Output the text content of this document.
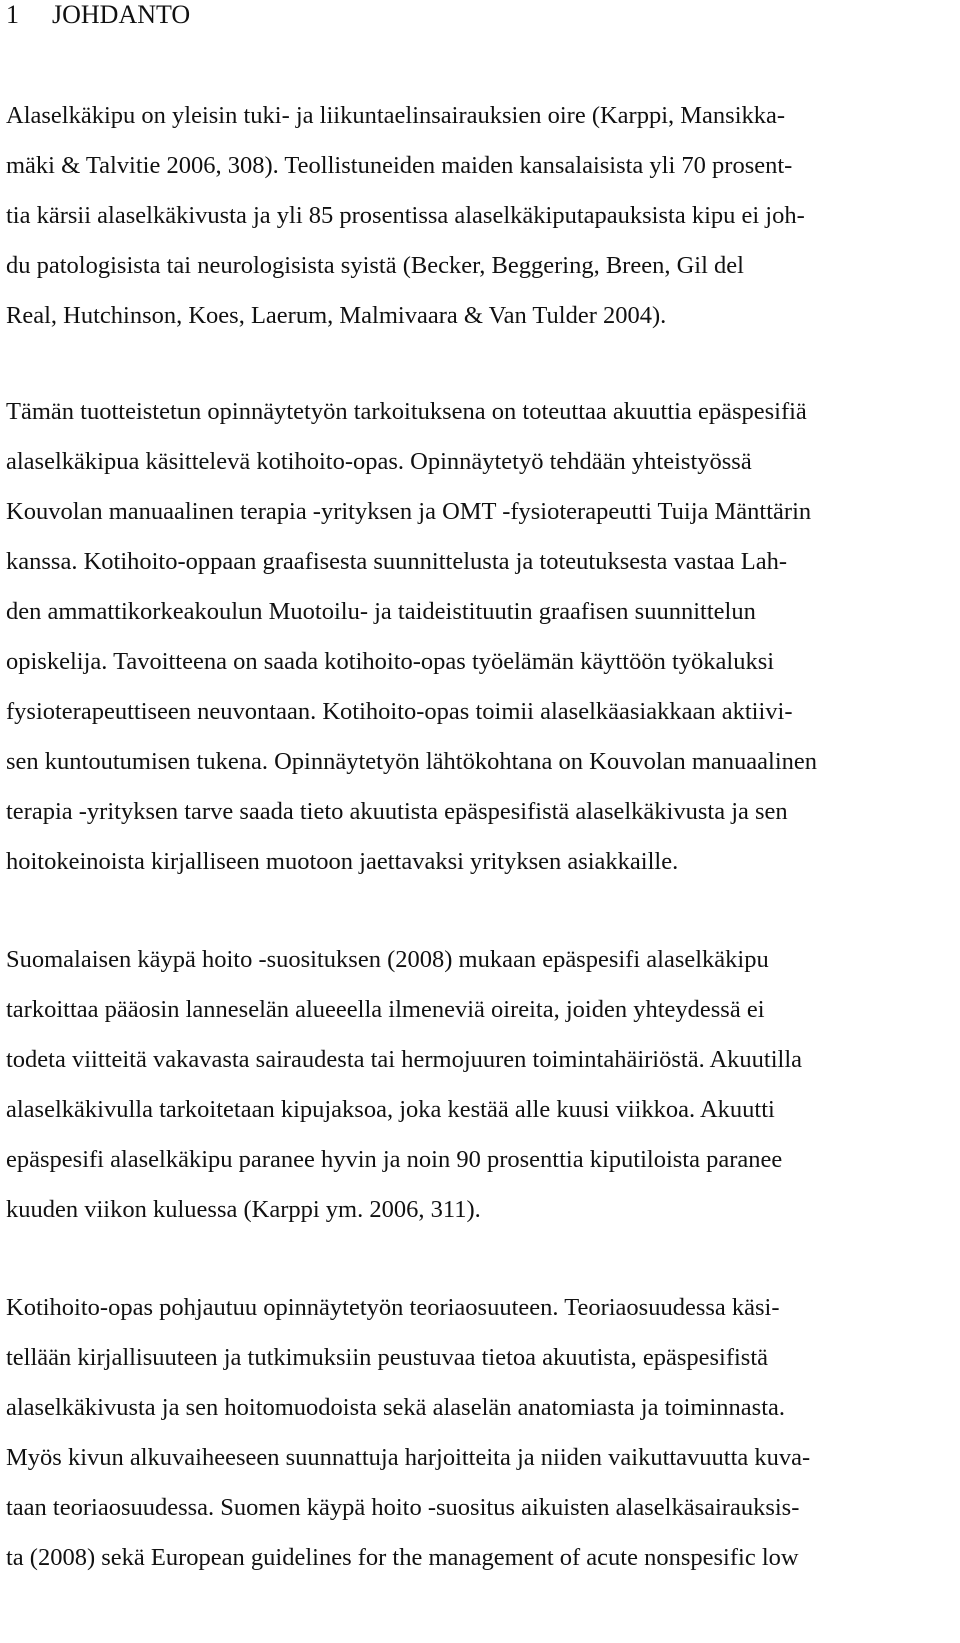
1 JOHDANTO
Alaselkäkipu on yleisin tuki- ja liikuntaelinsairauksien oire (Karppi, Mansikka-
mäki & Talvitie 2006, 308). Teollistuneiden maiden kansalaisista yli 70 prosent-
tia kärsii alaselkäkivusta ja yli 85 prosentissa alaselkäkiputapauksista kipu ei joh-
du patologisista tai neurologisista syistä (Becker, Beggering, Breen, Gil del
Real, Hutchinson, Koes, Laerum, Malmivaara & Van Tulder 2004).
Tämän tuotteistetun opinnäytetyön tarkoituksena on toteuttaa akuuttia epäspesifiä
alaselkäkipua käsittelevä kotihoito-opas. Opinnäytetyö tehdään yhteistyössä
Kouvolan manuaalinen terapia -yrityksen ja OMT -fysioterapeutti Tuija Mänttärin
kanssa. Kotihoito-oppaan graafisesta suunnittelusta ja toteutuksesta vastaa Lah-
den ammattikorkeakoulun Muotoilu- ja taideistituutin graafisen suunnittelun
opiskelija. Tavoitteena on saada kotihoito-opas työelämän käyttöön työkaluksi
fysioterapeuttiseen neuvontaan. Kotihoito-opas toimii alaselkäasiakkaan aktiivi-
sen kuntoutumisen tukena. Opinnäytetyön lähtökohtana on Kouvolan manuaalinen
terapia -yrityksen tarve saada tieto akuutista epäspesifistä alaselkäkivusta ja sen
hoitokeinoista kirjalliseen muotoon jaettavaksi yrityksen asiakkaille.
Suomalaisen käypä hoito -suosituksen (2008) mukaan epäspesifi alaselkäkipu
tarkoittaa pääosin lanneselän alueeella ilmeneviä oireita, joiden yhteydessä ei
todeta viitteitä vakavasta sairaudesta tai hermojuuren toimintahäiriöstä. Akuutilla
alaselkäkivulla tarkoitetaan kipujaksoa, joka kestää alle kuusi viikkoa. Akuutti
epäspesifi alaselkäkipu paranee hyvin ja noin 90 prosenttia kiputiloista paranee
kuuden viikon kuluessa (Karppi ym. 2006, 311).
Kotihoito-opas pohjautuu opinnäytetyön teoriaosuuteen. Teoriaosuudessa käsi-
tellään kirjallisuuteen ja tutkimuksiin peustuvaa tietoa akuutista, epäspesifistä
alaselkäkivusta ja sen hoitomuodoista sekä alaselän anatomiasta ja toiminnasta.
Myös kivun alkuvaiheeseen suunnattuja harjoitteita ja niiden vaikuttavuutta kuva-
taan teoriaosuudessa. Suomen käypä hoito -suositus aikuisten alaselkäsairauksis-
ta (2008) sekä European guidelines for the management of acute nonspesific low
